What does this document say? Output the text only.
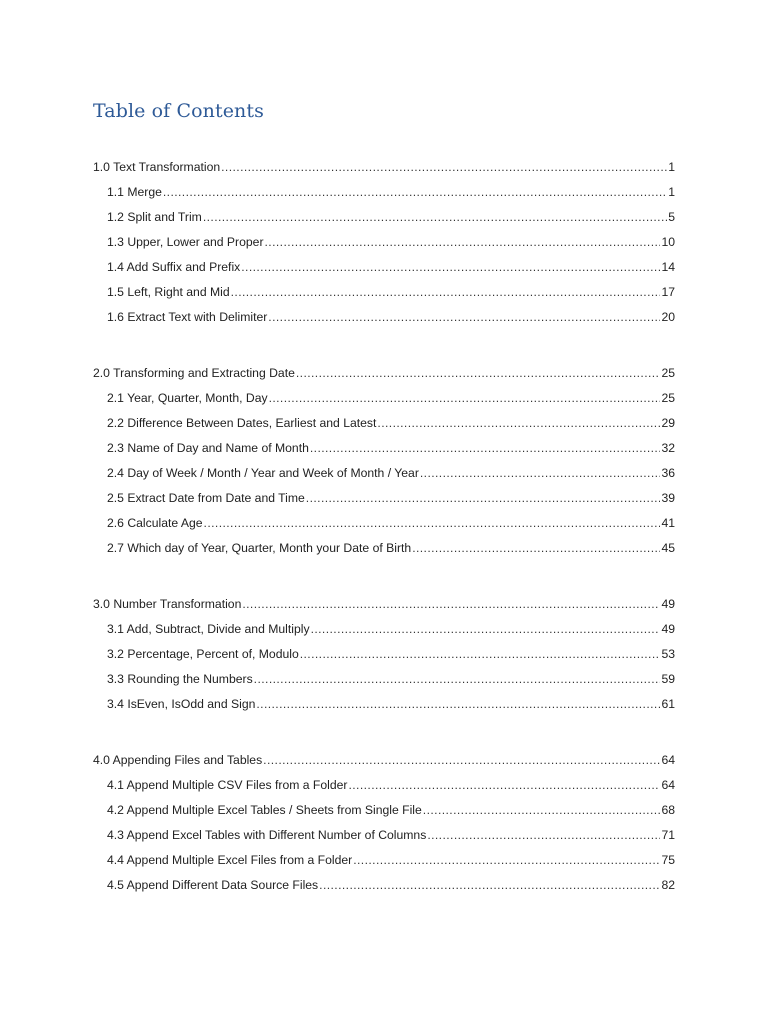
Table of Contents
1.0 Text Transformation .....	1
1.1 Merge .....	1
1.2 Split and Trim .....	5
1.3 Upper, Lower and Proper .....	10
1.4 Add Suffix and Prefix .....	14
1.5 Left, Right and Mid .....	17
1.6 Extract Text with Delimiter .....	20
2.0 Transforming and Extracting Date .....	25
2.1 Year, Quarter, Month, Day .....	25
2.2 Difference Between Dates, Earliest and Latest .....	29
2.3 Name of Day and Name of Month .....	32
2.4 Day of Week / Month / Year and Week of Month / Year .....	36
2.5 Extract Date from Date and Time .....	39
2.6 Calculate Age .....	41
2.7 Which day of Year, Quarter, Month your Date of Birth .....	45
3.0 Number Transformation .....	49
3.1 Add, Subtract, Divide and Multiply .....	49
3.2 Percentage, Percent of, Modulo .....	53
3.3 Rounding the Numbers .....	59
3.4 IsEven, IsOdd and Sign .....	61
4.0 Appending Files and Tables .....	64
4.1 Append Multiple CSV Files from a Folder .....	64
4.2 Append Multiple Excel Tables / Sheets from Single File .....	68
4.3 Append Excel Tables with Different Number of Columns .....	71
4.4 Append Multiple Excel Files from a Folder .....	75
4.5 Append Different Data Source Files .....	82
